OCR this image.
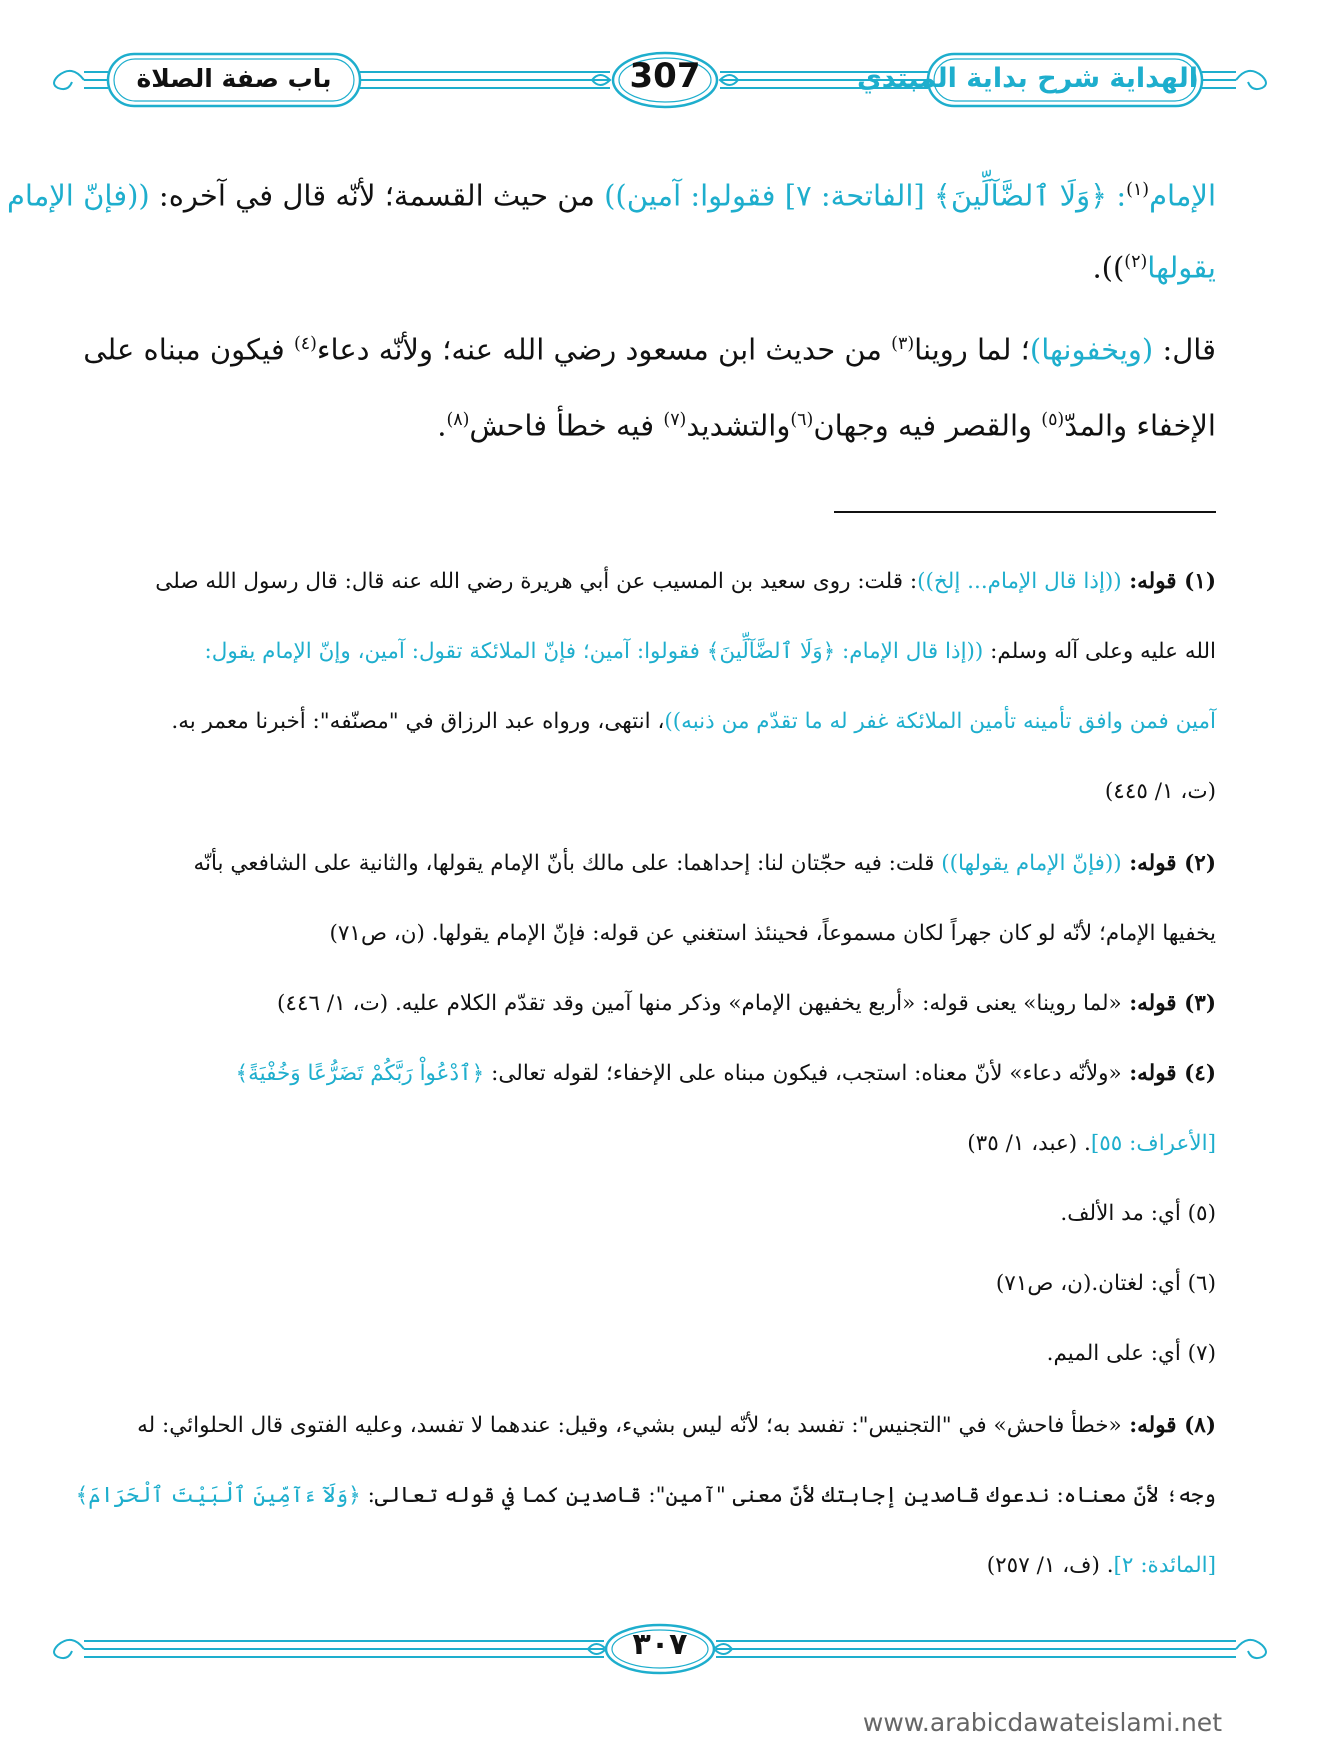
الهداية شرح بداية المبتدي
307
باب صفة الصلاة
الإمام$^{(١)}$: ﴿وَلَا ٱلضَّآلِّينَ﴾ [الفاتحة: ٧] فقولوا: آمين)) من حيث القسمة؛ لأنّه قال في آخره: ((فإنّ الإمام
يقولها$^{(٢)}$)).
قال: (ويخفونها)؛ لما روينا$^{(٣)}$ من حديث ابن مسعود رضي الله عنه؛ ولأنّه دعاء$^{(٤)}$ فيكون مبناه على
الإخفاء والمدّ$^{(٥)}$ والقصر فيه وجهان$^{(٦)}$والتشديد$^{(٧)}$ فيه خطأ فاحش$^{(٨)}$.
(١) قوله: ((إذا قال الإمام... إلخ)): قلت: روى سعيد بن المسيب عن أبي هريرة رضي الله عنه قال: قال رسول الله صلى
الله عليه وعلى آله وسلم: ((إذا قال الإمام: ﴿وَلَا ٱلضَّآلِّينَ﴾ فقولوا: آمين؛ فإنّ الملائكة تقول: آمين، وإنّ الإمام يقول:
آمين فمن وافق تأمينه تأمين الملائكة غفر له ما تقدّم من ذنبه))، انتهى، ورواه عبد الرزاق في "مصنّفه": أخبرنا معمر به.
(ت، ١/ ٤٤٥)
(٢) قوله: ((فإنّ الإمام يقولها)) قلت: فيه حجّتان لنا: إحداهما: على مالك بأنّ الإمام يقولها، والثانية على الشافعي بأنّه
يخفيها الإمام؛ لأنّه لو كان جهراً لكان مسموعاً، فحينئذ استغني عن قوله: فإنّ الإمام يقولها. (ن، ص٧١)
(٣) قوله: «لما روينا» يعنى قوله: «أربع يخفيهن الإمام» وذكر منها آمين وقد تقدّم الكلام عليه. (ت، ١/ ٤٤٦)
(٤) قوله: «ولأنّه دعاء» لأنّ معناه: استجب، فيكون مبناه على الإخفاء؛ لقوله تعالى: ﴿ٱدْعُواْ رَبَّكُمْ تَضَرُّعًا وَخُفْيَةً﴾
[الأعراف: ٥٥]. (عبد، ١/ ٣٥)
(٥) أي: مد الألف.
(٦) أي: لغتان.(ن، ص٧١)
(٧) أي: على الميم.
(٨) قوله: «خطأ فاحش» في "التجنيس": تفسد به؛ لأنّه ليس بشيء، وقيل: عندهما لا تفسد، وعليه الفتوى قال الحلوائي: له
وجه؛ لأنّ معناه: ندعوك قاصدين إجابتك لأنّ معنى "آمين": قاصدين كما في قوله تعالى: ﴿وَلَآ ءَآمِّينَ ٱلْبَيْتَ ٱلْحَرَامَ﴾
[المائدة: ٢]. (ف، ١/ ٢٥٧)
٣٠٧
www.arabicdawateislami.net
